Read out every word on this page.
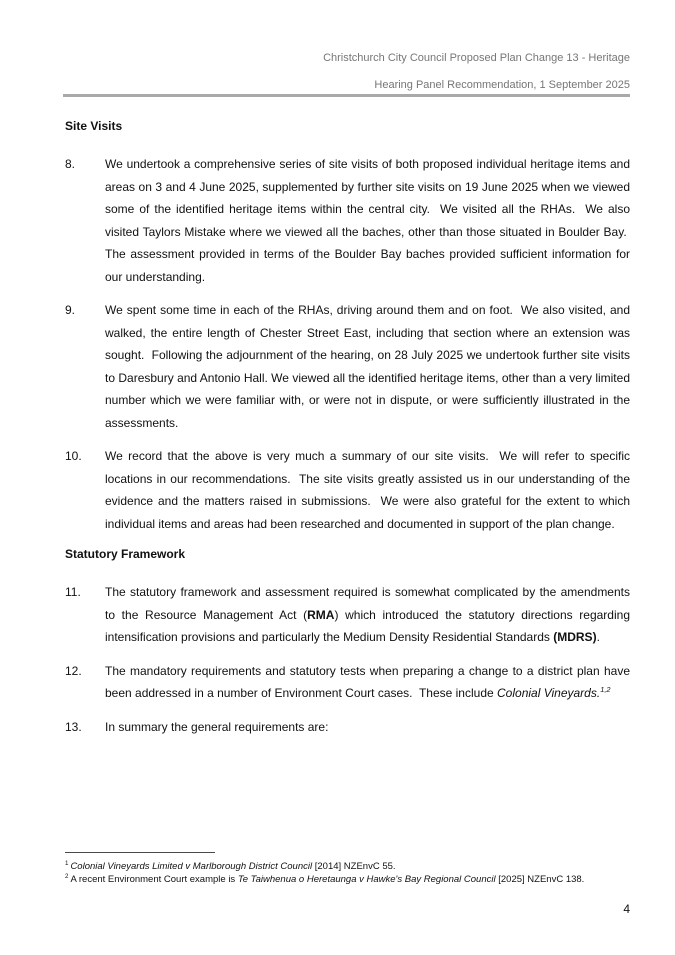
Christchurch City Council Proposed Plan Change 13 - Heritage
Hearing Panel Recommendation, 1 September 2025
Site Visits
8.	We undertook a comprehensive series of site visits of both proposed individual heritage items and areas on 3 and 4 June 2025, supplemented by further site visits on 19 June 2025 when we viewed some of the identified heritage items within the central city.  We visited all the RHAs.  We also visited Taylors Mistake where we viewed all the baches, other than those situated in Boulder Bay.  The assessment provided in terms of the Boulder Bay baches provided sufficient information for our understanding.
9.	We spent some time in each of the RHAs, driving around them and on foot.  We also visited, and walked, the entire length of Chester Street East, including that section where an extension was sought.  Following the adjournment of the hearing, on 28 July 2025 we undertook further site visits to Daresbury and Antonio Hall. We viewed all the identified heritage items, other than a very limited number which we were familiar with, or were not in dispute, or were sufficiently illustrated in the assessments.
10.	We record that the above is very much a summary of our site visits.  We will refer to specific locations in our recommendations.  The site visits greatly assisted us in our understanding of the evidence and the matters raised in submissions.  We were also grateful for the extent to which individual items and areas had been researched and documented in support of the plan change.
Statutory Framework
11.	The statutory framework and assessment required is somewhat complicated by the amendments to the Resource Management Act (RMA) which introduced the statutory directions regarding intensification provisions and particularly the Medium Density Residential Standards (MDRS).
12.	The mandatory requirements and statutory tests when preparing a change to a district plan have been addressed in a number of Environment Court cases.  These include Colonial Vineyards.$^{1,2}$
13.	In summary the general requirements are:
$^1$ Colonial Vineyards Limited v Marlborough District Council [2014] NZEnvC 55.
$^2$ A recent Environment Court example is Te Taiwhenua o Heretaunga v Hawke's Bay Regional Council [2025] NZEnvC 138.
4
